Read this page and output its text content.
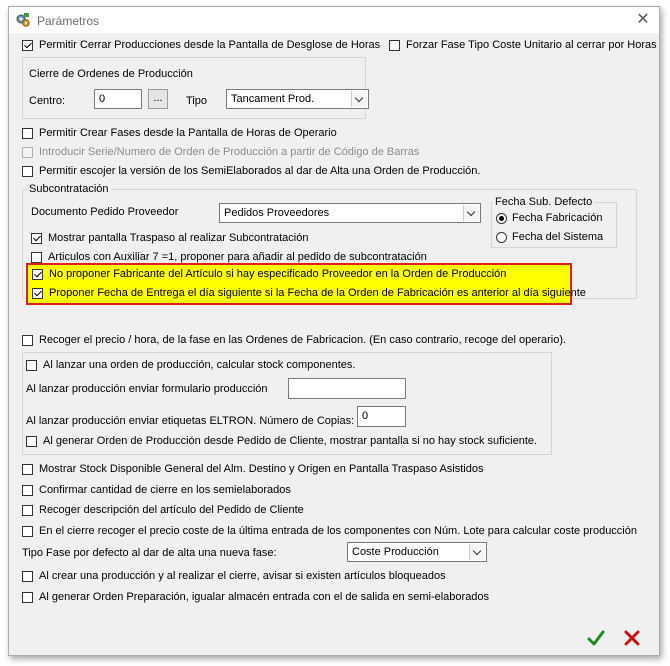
Parámetros	✕
Permitir Cerrar Producciones desde la Pantalla de Desglose de Horas Forzar Fase Tipo Coste Unitario al cerrar por Horas
Cierre de Ordenes de Producción
Centro:	0	...	Tipo	Tancament Prod.
Permitir Crear Fases desde la Pantalla de Horas de Operario
Introducir Serie/Numero de Orden de Producción a partir de Código de Barras
Permitir escojer la versión de los SemiElaborados al dar de Alta una Orden de Producción.
Subcontratación
Documento Pedido Proveedor	Pedidos Proveedores
Mostrar pantalla Traspaso al realizar Subcontratación
Articulos con Auxiliar 7 =1, proponer para añadir al pedido de subcontratación
Fecha Sub. Defecto
Fecha Fabricación
Fecha del Sistema
No proponer Fabricante del Artículo si hay especificado Proveedor en la Orden de Producción
Proponer Fecha de Entrega el día siguiente si la Fecha de la Orden de Fabricación es anterior al día siguiente
Recoger el precio / hora, de la fase en las Ordenes de Fabricacion. (En caso contrario, recoge del operario).
Al lanzar una orden de producción, calcular stock componentes.
Al lanzar producción enviar formulario producción
Al lanzar producción enviar etiquetas ELTRON. Número de Copias: 0
Al generar Orden de Producción desde Pedido de Cliente, mostrar pantalla si no hay stock suficiente.
Mostrar Stock Disponible General del Alm. Destino y Origen en Pantalla Traspaso Asistidos
Confirmar cantidad de cierre en los semielaborados
Recoger descripción del artículo del Pedido de Cliente
En el cierre recoger el precio coste de la última entrada de los componentes con Núm. Lote para calcular coste producción
Tipo Fase por defecto al dar de alta una nueva fase:	Coste Producción
Al crear una producción y al realizar el cierre, avisar si existen artículos bloqueados
Al generar Orden Preparación, igualar almacén entrada con el de salida en semi-elaborados
